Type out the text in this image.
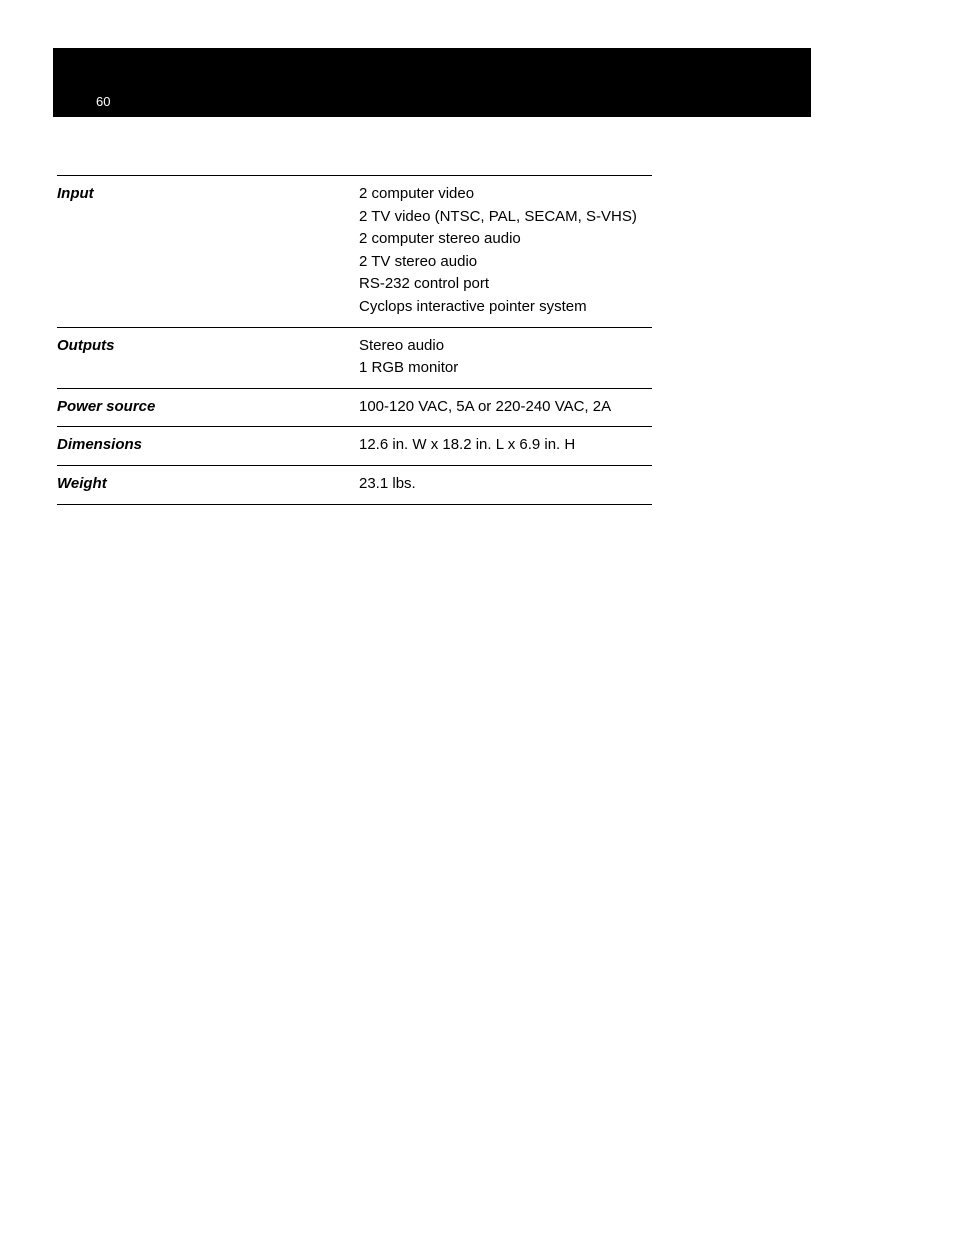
60
Input	2 computer video
2 TV video (NTSC, PAL, SECAM, S-VHS)
2 computer stereo audio
2 TV stereo audio
RS-232 control port
Cyclops interactive pointer system
Outputs	Stereo audio
1 RGB monitor
Power source	100-120 VAC, 5A or 220-240 VAC, 2A
Dimensions	12.6 in. W x 18.2 in. L x 6.9 in. H
Weight	23.1 lbs.
